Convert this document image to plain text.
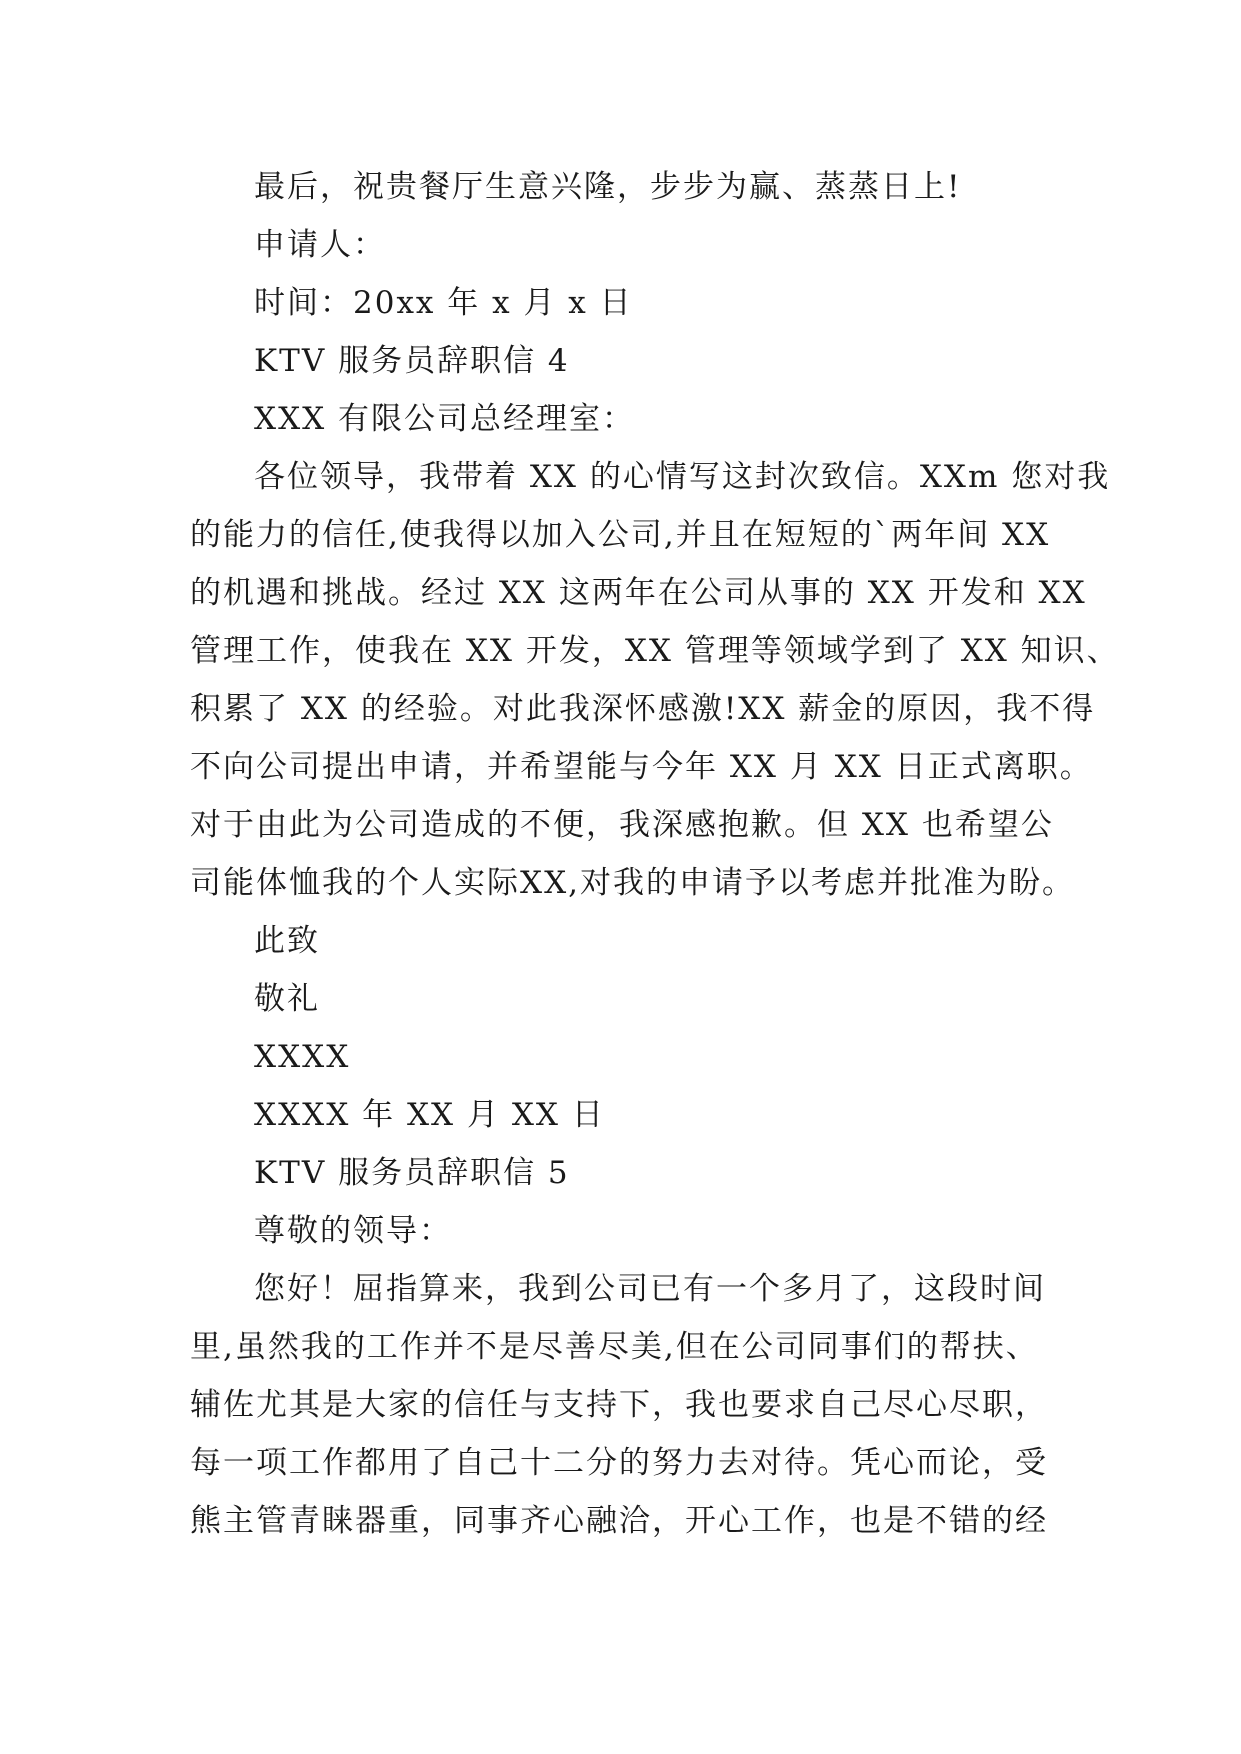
最后，祝贵餐厅生意兴隆，步步为赢、蒸蒸日上!
申请人：
时间：20xx 年 x 月 x 日
KTV 服务员辞职信 4
XXX 有限公司总经理室：
各位领导，我带着 XX 的心情写这封次致信。XXm 您对我
的能力的信任,使我得以加入公司,并且在短短的`两年间 XX
的机遇和挑战。经过 XX 这两年在公司从事的 XX 开发和 XX
管理工作，使我在 XX 开发，XX 管理等领域学到了 XX 知识、
积累了 XX 的经验。对此我深怀感激!XX 薪金的原因，我不得
不向公司提出申请，并希望能与今年 XX 月 XX 日正式离职。
对于由此为公司造成的不便，我深感抱歉。但 XX 也希望公
司能体恤我的个人实际XX,对我的申请予以考虑并批准为盼。
此致
敬礼
XXXX
XXXX 年 XX 月 XX 日
KTV 服务员辞职信 5
尊敬的领导：
您好！屈指算来，我到公司已有一个多月了，这段时间
里,虽然我的工作并不是尽善尽美,但在公司同事们的帮扶、
辅佐尤其是大家的信任与支持下，我也要求自己尽心尽职，
每一项工作都用了自己十二分的努力去对待。凭心而论，受
熊主管青睐器重，同事齐心融洽，开心工作，也是不错的经
